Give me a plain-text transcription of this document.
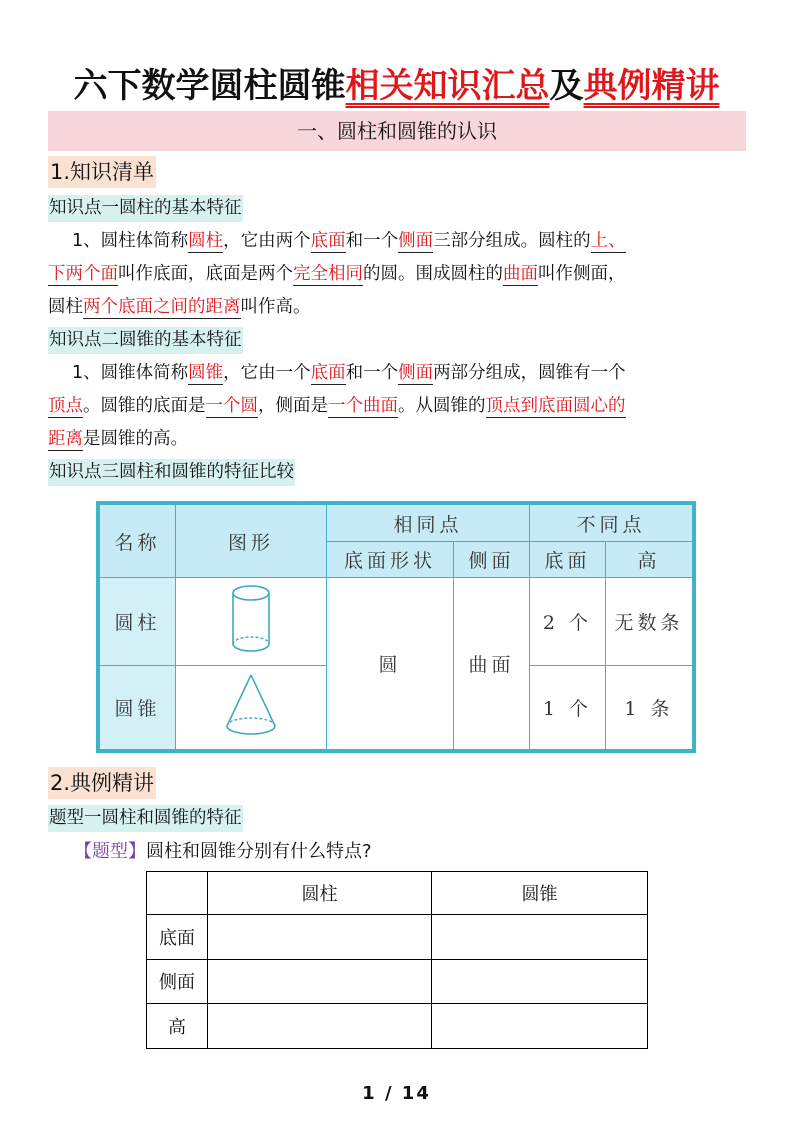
六下数学圆柱圆锥相关知识汇总及典例精讲
一、圆柱和圆锥的认识
1.知识清单
知识点一圆柱的基本特征
1、圆柱体简称圆柱，它由两个底面和一个侧面三部分组成。圆柱的上、
下两个面叫作底面，底面是两个完全相同的圆。围成圆柱的曲面叫作侧面，
圆柱两个底面之间的距离叫作高。
知识点二圆锥的基本特征
1、圆锥体简称圆锥，它由一个底面和一个侧面两部分组成，圆锥有一个
顶点。圆锥的底面是一个圆，侧面是一个曲面。从圆锥的顶点到底面圆心的
距离是圆锥的高。
知识点三圆柱和圆锥的特征比较
名称	图形	相同点		不同点	
		底面形状	侧面	底面	高
圆柱		圆	曲面	2 个	无数条
圆锥				1 个	1 条
2.典例精讲
题型一圆柱和圆锥的特征
【题型】圆柱和圆锥分别有什么特点?
	圆柱	圆锥
底面		
侧面		
高		
1 / 14
